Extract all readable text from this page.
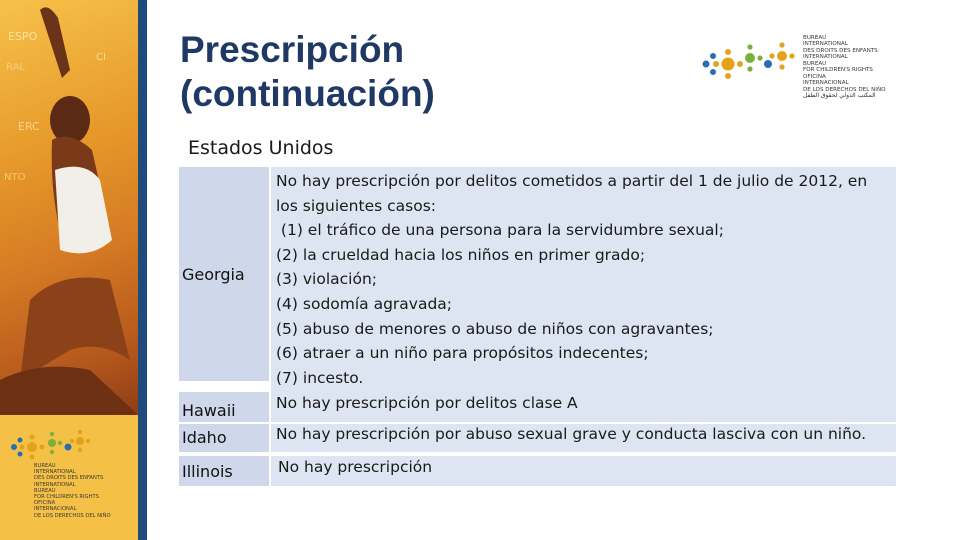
ESPO
RAL
ERC
NTO
CI
BUREAU
INTERNATIONAL
DES DROITS DES ENFANTS
INTERNATIONAL
BUREAU
FOR CHILDREN'S RIGHTS
OFICINA
INTERNACIONAL
DE LOS DERECHOS DEL NIÑO
Prescripción
(continuación)

BUREAU
INTERNATIONAL
DES DROITS DES ENFANTS
INTERNATIONAL
BUREAU
FOR CHILDREN'S RIGHTS
OFICINA
INTERNACIONAL
DE LOS DERECHOS DEL NIÑO

المكتب الدولي لحقوق الطفل

Estados Unidos
Georgia
No hay prescripción por delitos cometidos a partir del 1 de julio de 2012, en
los siguientes casos:
(1) el tráfico de una persona para la servidumbre sexual;
(2) la crueldad hacia los niños en primer grado;
(3) violación;
(4) sodomía agravada;
(5) abuso de menores o abuso de niños con agravantes;
(6) atraer a un niño para propósitos indecentes;
(7) incesto.
Hawaii	No hay prescripción por delitos clase A
Idaho	No hay prescripción por abuso sexual grave y conducta lasciva con un niño.
Illinois	No hay prescripción
